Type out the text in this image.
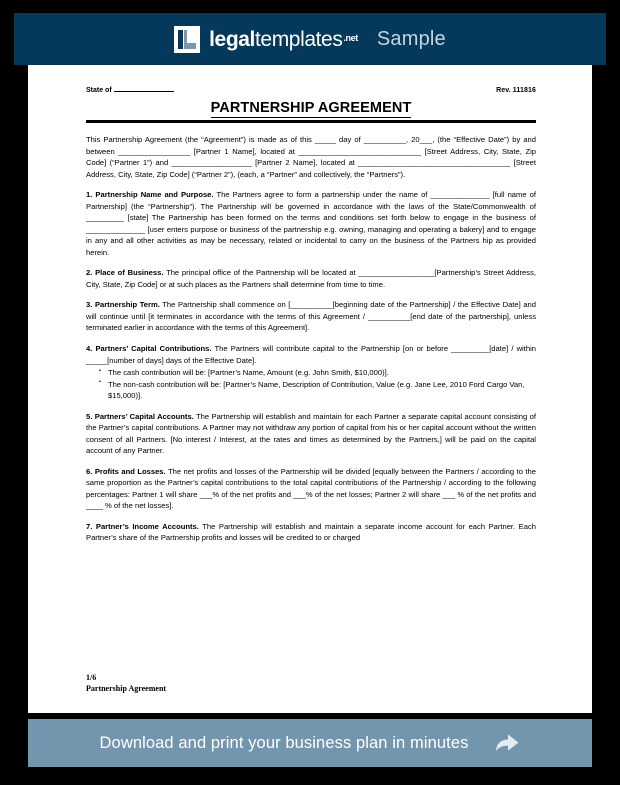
legal templates .net Sample
State of	Rev. 111816
PARTNERSHIP AGREEMENT
This Partnership Agreement (the “Agreement”) is made as of this _____ day of __________, 20___, (the “Effective Date”) by and between _________________ [Partner 1 Name], located at _____________________________ [Street Address, City, State, Zip Code] (“Partner 1”) and ___________________ [Partner 2 Name], located at ____________________________________ [Street Address, City, State, Zip Code] (“Partner 2”), (each, a “Partner” and collectively, the “Partners”).
1. Partnership Name and Purpose. The Partners agree to form a partnership under the name of ______________ [full name of Partnership] (the “Partnership”). The Partnership will be governed in accordance with the laws of the State/Commonwealth of _________ [state] The Partnership has been formed on the terms and conditions set forth below to engage in the business of ______________ [user enters purpose or business of the partnership e.g. owning, managing and operating a bakery] and to engage in any and all other activities as may be necessary, related or incidental to carry on the business of the Partners hip as provided herein.
2. Place of Business. The principal office of the Partnership will be located at __________________[Partnership’s Street Address, City, State, Zip Code] or at such places as the Partners shall determine from time to time.
3. Partnership Term. The Partnership shall commence on [__________[beginning date of the Partnership] / the Effective Date] and will continue until [it terminates in accordance with the terms of this Agreement / __________[end date of the partnership], unless terminated earlier in accordance with the terms of this Agreement].
4. Partners’ Capital Contributions. The Partners will contribute capital to the Partnership [on or before _________[date] / within _____[number of days] days of the Effective Date].
▪ The cash contribution will be: [Partner’s Name, Amount (e.g. John Smith, $10,000)].
▪ The non-cash contribution will be: [Partner’s Name, Description of Contribution, Value (e.g. Jane Lee, 2010 Ford Cargo Van, $15,000)].
5. Partners’ Capital Accounts. The Partnership will establish and maintain for each Partner a separate capital account consisting of the Partner’s capital contributions. A Partner may not withdraw any portion of capital from his or her capital account without the written consent of all Partners. [No interest / Interest, at the rates and times as determined by the Partners,] will be paid on the capital account of any Partner.
6. Profits and Losses. The net profits and losses of the Partnership will be divided [equally between the Partners / according to the same proportion as the Partner’s capital contributions to the total capital contributions of the Partnership / according to the following percentages: Partner 1 will share ___% of the net profits and ___% of the net losses; Partner 2 will share ___ % of the net profits and ____ % of the net losses].
7. Partner’s Income Accounts. The Partnership will establish and maintain a separate income account for each Partner. Each Partner’s share of the Partnership profits and losses will be credited to or charged
1/6
Partnership Agreement
Download and print your business plan in minutes
